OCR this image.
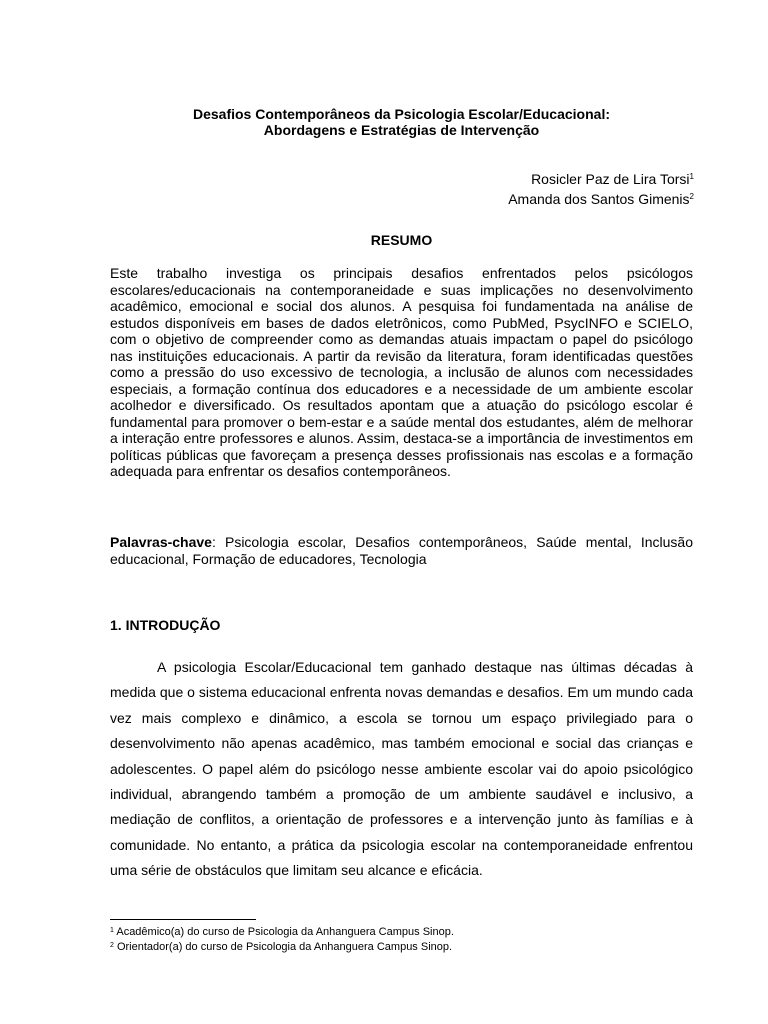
Desafios Contemporâneos da Psicologia Escolar/Educacional:
Abordagens e Estratégias de Intervenção
Rosicler Paz de Lira Torsi$^1$
Amanda dos Santos Gimenis$^2$
RESUMO
Este trabalho investiga os principais desafios enfrentados pelos psicólogos escolares/educacionais na contemporaneidade e suas implicações no desenvolvimento acadêmico, emocional e social dos alunos. A pesquisa foi fundamentada na análise de estudos disponíveis em bases de dados eletrônicos, como PubMed, PsycINFO e SCIELO, com o objetivo de compreender como as demandas atuais impactam o papel do psicólogo nas instituições educacionais. A partir da revisão da literatura, foram identificadas questões como a pressão do uso excessivo de tecnologia, a inclusão de alunos com necessidades especiais, a formação contínua dos educadores e a necessidade de um ambiente escolar acolhedor e diversificado. Os resultados apontam que a atuação do psicólogo escolar é fundamental para promover o bem-estar e a saúde mental dos estudantes, além de melhorar a interação entre professores e alunos. Assim, destaca-se a importância de investimentos em políticas públicas que favoreçam a presença desses profissionais nas escolas e a formação adequada para enfrentar os desafios contemporâneos.
Palavras-chave: Psicologia escolar, Desafios contemporâneos, Saúde mental, Inclusão educacional, Formação de educadores, Tecnologia
1. INTRODUÇÃO
A psicologia Escolar/Educacional tem ganhado destaque nas últimas décadas à medida que o sistema educacional enfrenta novas demandas e desafios. Em um mundo cada vez mais complexo e dinâmico, a escola se tornou um espaço privilegiado para o desenvolvimento não apenas acadêmico, mas também emocional e social das crianças e adolescentes. O papel além do psicólogo nesse ambiente escolar vai do apoio psicológico individual, abrangendo também a promoção de um ambiente saudável e inclusivo, a mediação de conflitos, a orientação de professores e a intervenção junto às famílias e à comunidade. No entanto, a prática da psicologia escolar na contemporaneidade enfrentou uma série de obstáculos que limitam seu alcance e eficácia.
$^1$ Acadêmico(a) do curso de Psicologia da Anhanguera Campus Sinop.
$^2$ Orientador(a) do curso de Psicologia da Anhanguera Campus Sinop.
